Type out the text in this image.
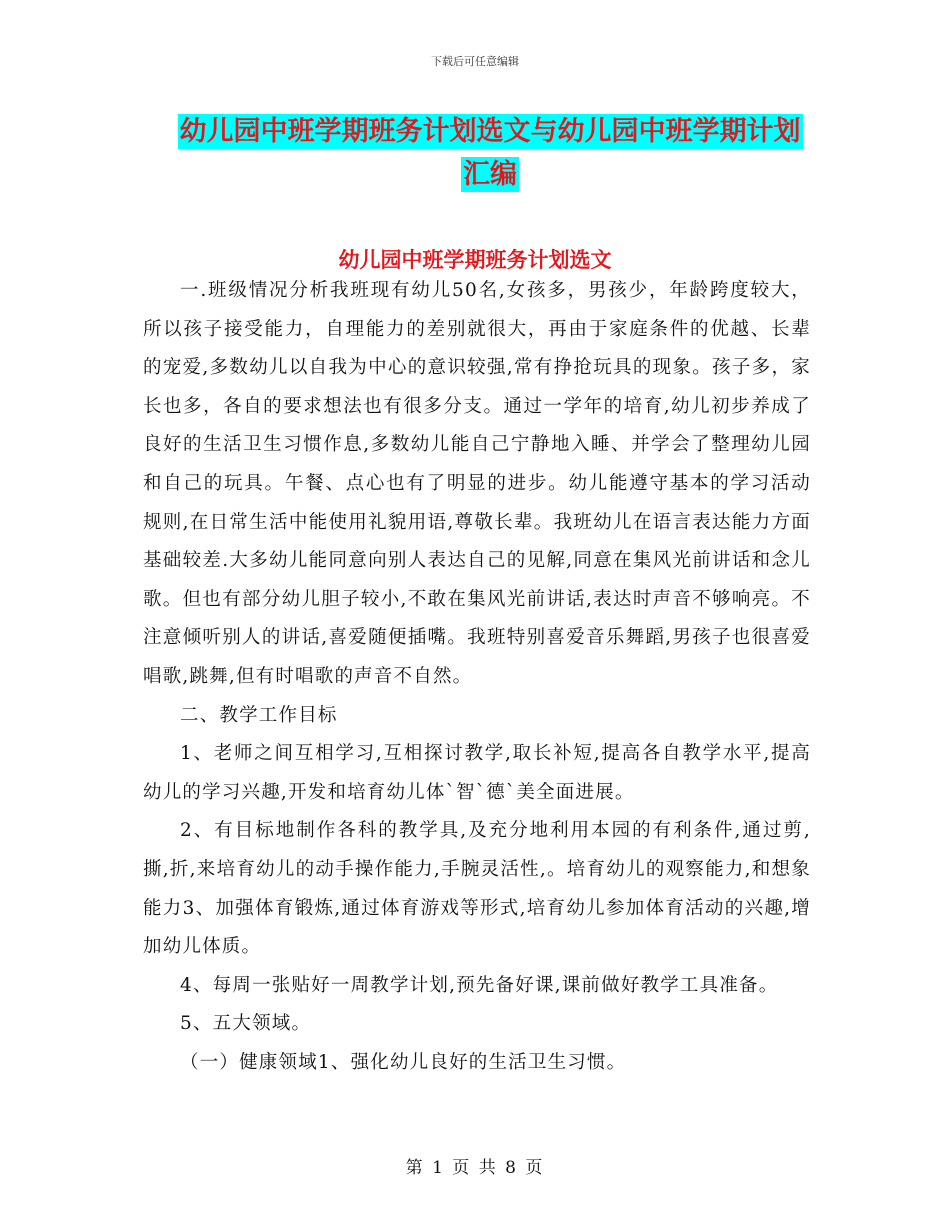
下载后可任意编辑
幼儿园中班学期班务计划选文与幼儿园中班学期计划
汇编
幼儿园中班学期班务计划选文

一.班级情况分析我班现有幼儿50名,女孩多，男孩少，年龄跨度较大，所以孩子接受能力，自理能力的差别就很大，再由于家庭条件的优越、长辈的宠爱,多数幼儿以自我为中心的意识较强,常有挣抢玩具的现象。孩子多，家长也多，各自的要求想法也有很多分支。通过一学年的培育,幼儿初步养成了良好的生活卫生习惯作息,多数幼儿能自己宁静地入睡、并学会了整理幼儿园和自己的玩具。午餐、点心也有了明显的进步。幼儿能遵守基本的学习活动规则,在日常生活中能使用礼貌用语,尊敬长辈。我班幼儿在语言表达能力方面基础较差.大多幼儿能同意向别人表达自己的见解,同意在集风光前讲话和念儿歌。但也有部分幼儿胆子较小,不敢在集风光前讲话,表达时声音不够响亮。不注意倾听别人的讲话,喜爱随便插嘴。我班特别喜爱音乐舞蹈,男孩子也很喜爱唱歌,跳舞,但有时唱歌的声音不自然。

二、教学工作目标

1、老师之间互相学习,互相探讨教学,取长补短,提高各自教学水平,提高幼儿的学习兴趣,开发和培育幼儿体`智`德`美全面进展。

2、有目标地制作各科的教学具,及充分地利用本园的有利条件,通过剪,撕,折,来培育幼儿的动手操作能力,手腕灵活性,。培育幼儿的观察能力,和想象能力3、加强体育锻炼,通过体育游戏等形式,培育幼儿参加体育活动的兴趣,增加幼儿体质。

4、每周一张贴好一周教学计划,预先备好课,课前做好教学工具准备。

5、五大领域。

（一）健康领域1、强化幼儿良好的生活卫生习惯。

第 1 页 共 8 页
